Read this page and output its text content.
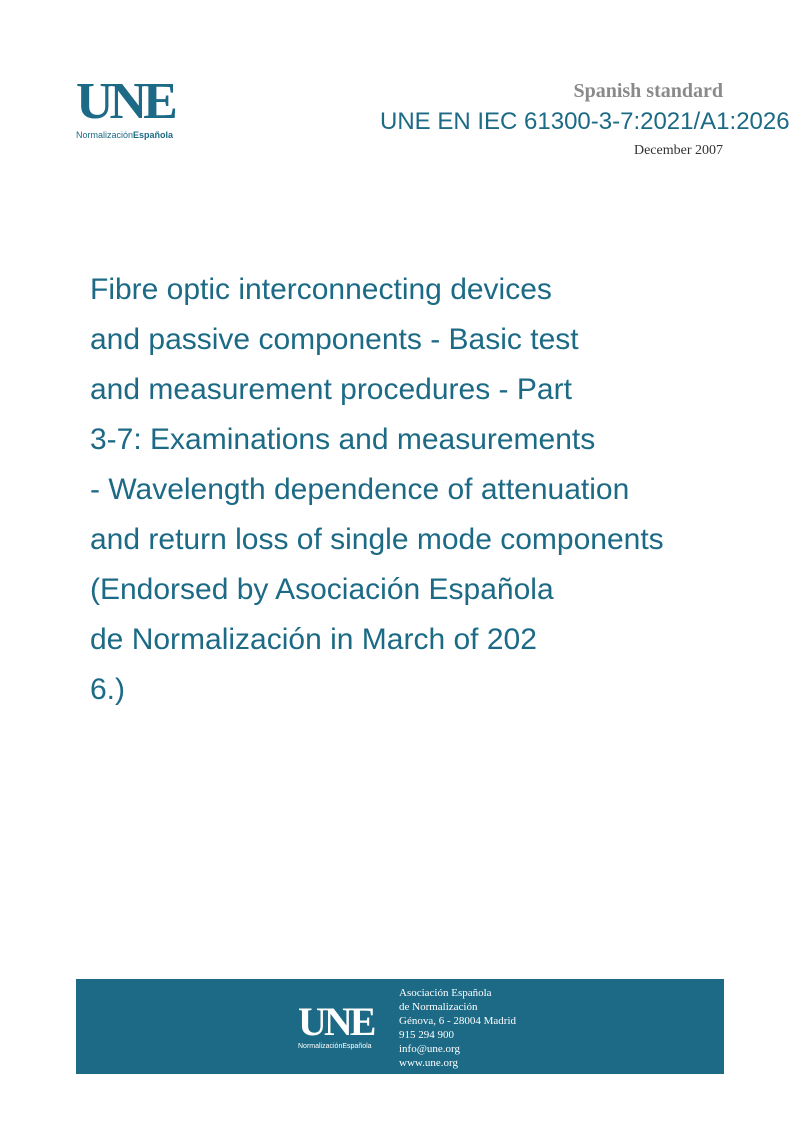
UNE
NormalizaciónEspañola
Spanish standard
UNE EN IEC 61300-3-7:2021/A1:2026
December 2007
Fibre optic interconnecting devices
and passive components - Basic test
and measurement procedures - Part
3-7: Examinations and measurements
- Wavelength dependence of attenuation
and return loss of single mode components
(Endorsed by Asociación Española
de Normalización in March of 202
6.)
UNE
NormalizaciónEspañola
Asociación Española
de Normalización
Génova, 6 - 28004 Madrid
915 294 900
info@une.org
www.une.org
